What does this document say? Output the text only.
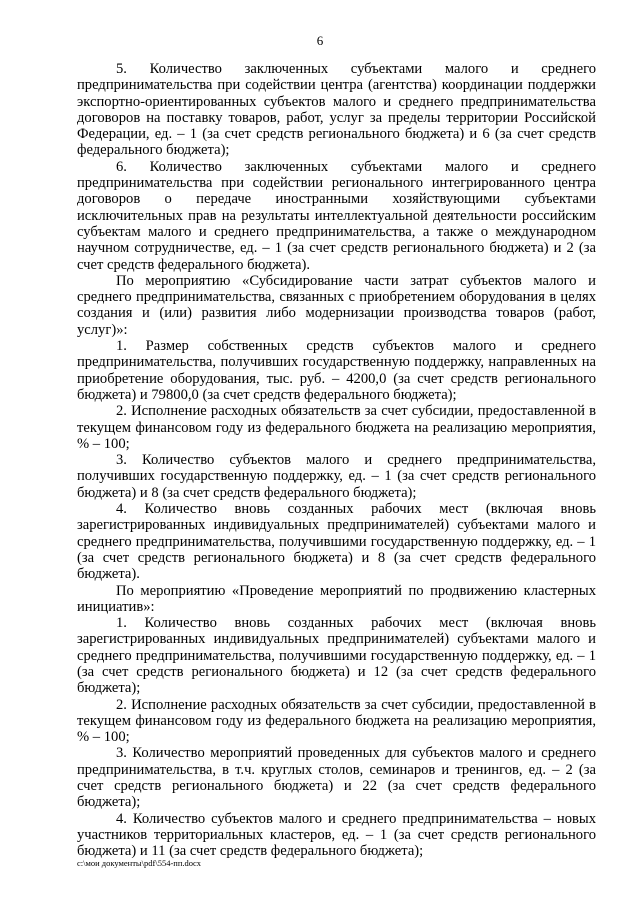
6

5. Количество заключенных субъектами малого и среднего предпринимательства при содействии центра (агентства) координации поддержки экспортно-ориентированных субъектов малого и среднего предпринимательства договоров на поставку товаров, работ, услуг за пределы территории Российской Федерации, ед. – 1 (за счет средств регионального бюджета) и 6 (за счет средств федерального бюджета);

6. Количество заключенных субъектами малого и среднего предпринимательства при содействии регионального интегрированного центра договоров о передаче иностранными хозяйствующими субъектами исключительных прав на результаты интеллектуальной деятельности российским субъектам малого и среднего предпринимательства, а также о международном научном сотрудничестве, ед. – 1 (за счет средств регионального бюджета) и 2 (за счет средств федерального бюджета).

По мероприятию «Субсидирование части затрат субъектов малого и среднего предпринимательства, связанных с приобретением оборудования в целях создания и (или) развития либо модернизации производства товаров (работ, услуг)»:

1. Размер собственных средств субъектов малого и среднего предпринимательства, получивших государственную поддержку, направленных на приобретение оборудования, тыс. руб. – 4200,0 (за счет средств регионального бюджета) и 79800,0 (за счет средств федерального бюджета);

2. Исполнение расходных обязательств за счет субсидии, предоставленной в текущем финансовом году из федерального бюджета на реализацию мероприятия, % – 100;

3. Количество субъектов малого и среднего предпринимательства, получивших государственную поддержку, ед. – 1 (за счет средств регионального бюджета) и 8 (за счет средств федерального бюджета);

4. Количество вновь созданных рабочих мест (включая вновь зарегистрированных индивидуальных предпринимателей) субъектами малого и среднего предпринимательства, получившими государственную поддержку, ед. – 1 (за счет средств регионального бюджета) и 8 (за счет средств федерального бюджета).

По мероприятию «Проведение мероприятий по продвижению кластерных инициатив»:

1. Количество вновь созданных рабочих мест (включая вновь зарегистрированных индивидуальных предпринимателей) субъектами малого и среднего предпринимательства, получившими государственную поддержку, ед. – 1 (за счет средств регионального бюджета) и 12 (за счет средств федерального бюджета);

2. Исполнение расходных обязательств за счет субсидии, предоставленной в текущем финансовом году из федерального бюджета на реализацию мероприятия, % – 100;

3. Количество мероприятий проведенных для субъектов малого и среднего предпринимательства, в т.ч. круглых столов, семинаров и тренингов, ед. – 2 (за счет средств регионального бюджета) и 22 (за счет средств федерального бюджета);

4. Количество субъектов малого и среднего предпринимательства – новых участников территориальных кластеров, ед. – 1 (за счет средств регионального бюджета) и 11 (за счет средств федерального бюджета);

c:\мои документы\pdf\554-пп.docx
